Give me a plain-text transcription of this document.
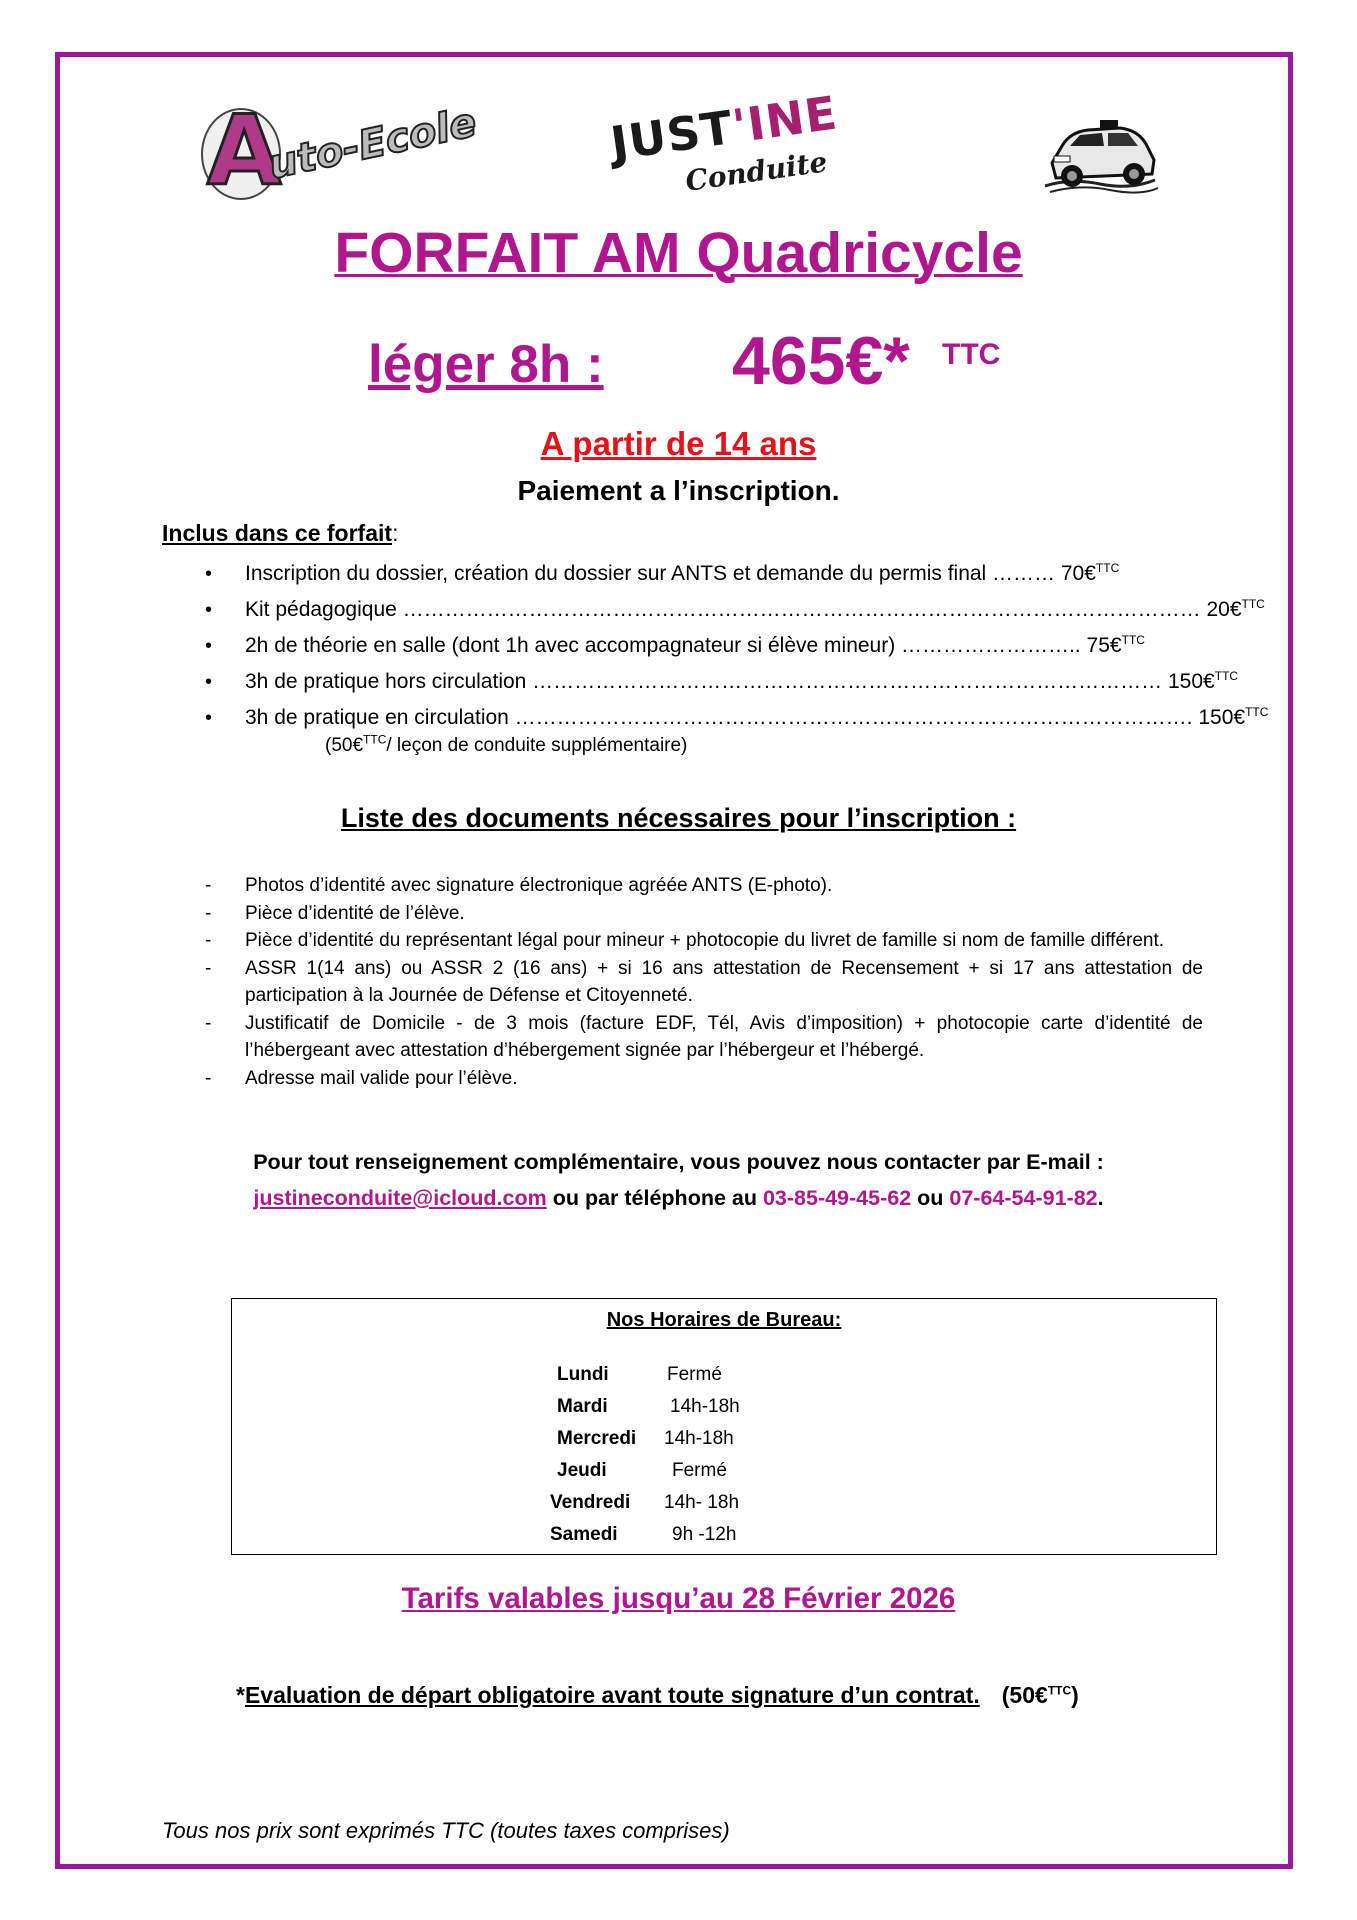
A
uto-Ecole	JUST'INE
Conduite
FORFAIT AM Quadricycle
léger 8h : 465€* TTC
A partir de 14 ans
Paiement a l’inscription.
Inclus dans ce forfait:
• Inscription du dossier, création du dossier sur ANTS et demande du permis final ……… 70€$^{TTC}$
• Kit pédagogique …………………………………………………………………………………………………… 20€$^{TTC}$
• 2h de théorie en salle (dont 1h avec accompagnateur si élève mineur) …………………….. 75€$^{TTC}$
• 3h de pratique hors circulation ……………………………………………………………………………… 150€$^{TTC}$
• 3h de pratique en circulation ……………………………………………………………………………………. 150€$^{TTC}$
(50€$^{TTC}$/ leçon de conduite supplémentaire)
Liste des documents nécessaires pour l’inscription :
- Photos d’identité avec signature électronique agréée ANTS (E-photo).
- Pièce d’identité de l’élève.
- Pièce d’identité du représentant légal pour mineur + photocopie du livret de famille si nom de famille différent.
- ASSR 1(14 ans) ou ASSR 2 (16 ans) + si 16 ans attestation de Recensement + si 17 ans attestation de participation à la Journée de Défense et Citoyenneté.
- Justificatif de Domicile - de 3 mois (facture EDF, Tél, Avis d’imposition) + photocopie carte d’identité de l’hébergeant avec attestation d’hébergement signée par l’hébergeur et l’hébergé.
- Adresse mail valide pour l’élève.
Pour tout renseignement complémentaire, vous pouvez nous contacter par E-mail :
justineconduite@icloud.com ou par téléphone au 03-85-49-45-62 ou 07-64-54-91-82.
Nos Horaires de Bureau:
Lundi	Fermé
Mardi	14h-18h
Mercredi 14h-18h
Jeudi	Fermé
Vendredi 14h- 18h
Samedi	9h -12h
Tarifs valables jusqu’au 28 Février 2026
*Evaluation de départ obligatoire avant toute signature d’un contrat. (50€$^{TTC}$)
Tous nos prix sont exprimés TTC (toutes taxes comprises)
